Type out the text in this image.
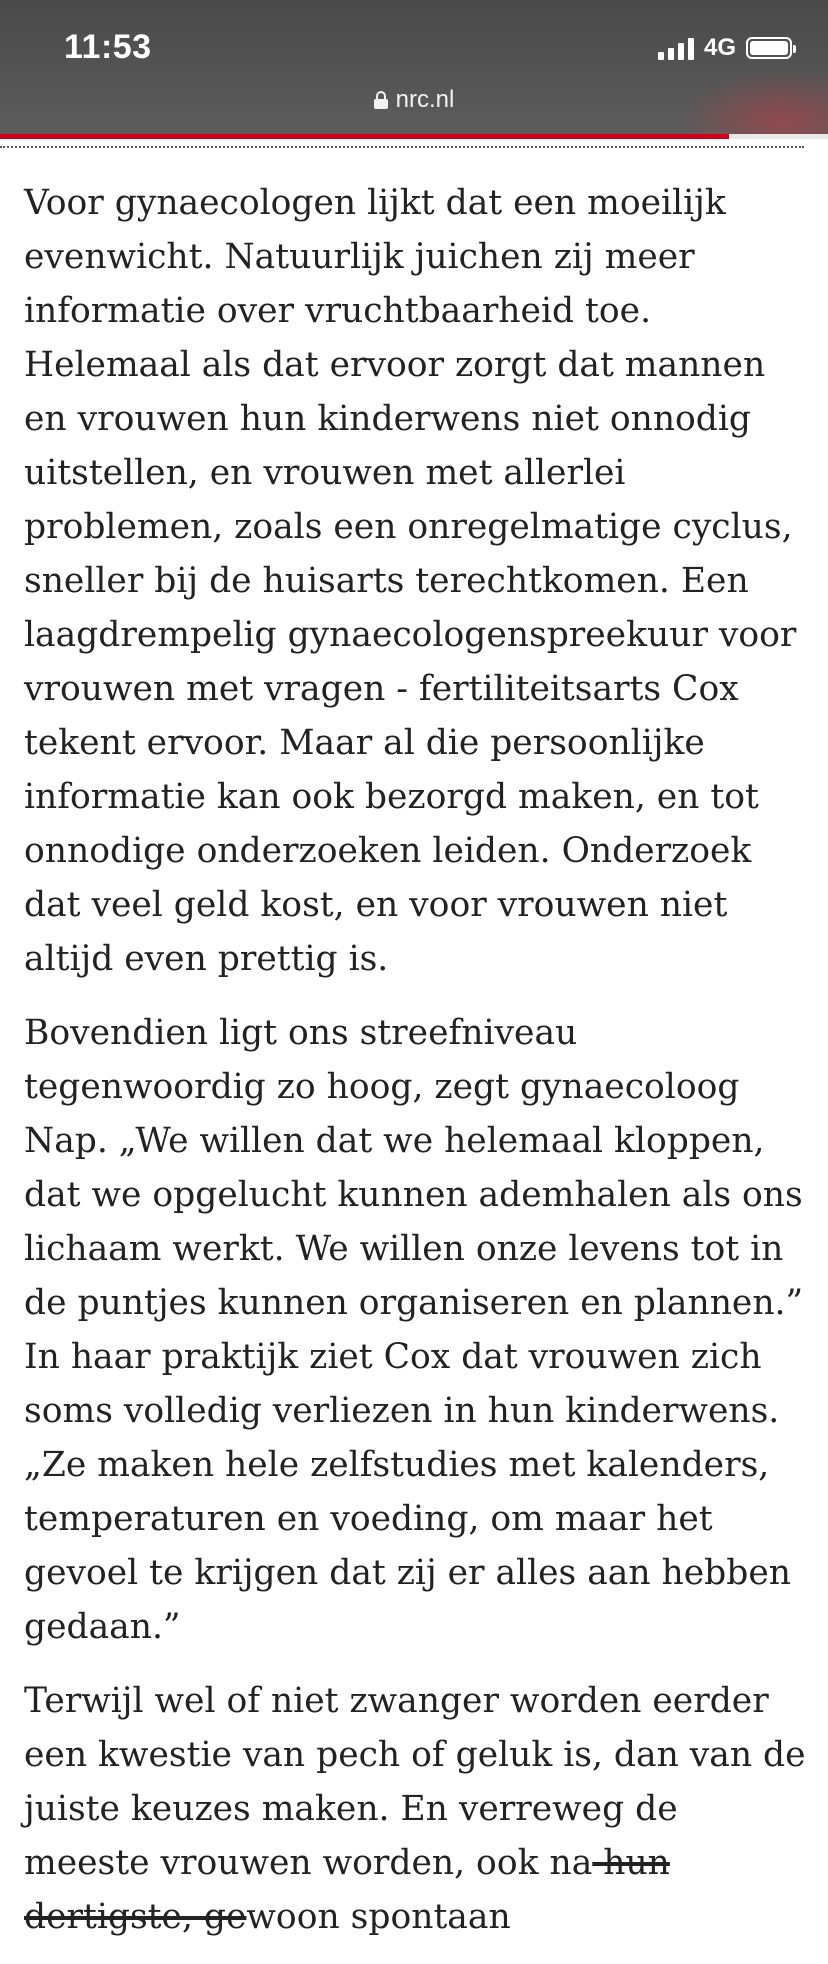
11:53	4G
nrc.nl

Voor gynaecologen lijkt dat een moeilijk evenwicht. Natuurlijk juichen zij meer informatie over vruchtbaarheid toe. Helemaal als dat ervoor zorgt dat mannen en vrouwen hun kinderwens niet onnodig uitstellen, en vrouwen met allerlei problemen, zoals een onregelmatige cyclus, sneller bij de huisarts terechtkomen. Een laagdrempelig gynaecologenspreekuur voor vrouwen met vragen - fertiliteitsarts Cox tekent ervoor. Maar al die persoonlijke informatie kan ook bezorgd maken, en tot onnodige onderzoeken leiden. Onderzoek dat veel geld kost, en voor vrouwen niet altijd even prettig is.

Bovendien ligt ons streefniveau tegenwoordig zo hoog, zegt gynaecoloog Nap. „We willen dat we helemaal kloppen, dat we opgelucht kunnen ademhalen als ons lichaam werkt. We willen onze levens tot in de puntjes kunnen organiseren en plannen.” In haar praktijk ziet Cox dat vrouwen zich soms volledig verliezen in hun kinderwens. „Ze maken hele zelfstudies met kalenders, temperaturen en voeding, om maar het gevoel te krijgen dat zij er alles aan hebben gedaan.”

Terwijl wel of niet zwanger worden eerder een kwestie van pech of geluk is, dan van de juiste keuzes maken. En verreweg de meeste vrouwen worden, ook na hun dertigste, gewoon spontaan
